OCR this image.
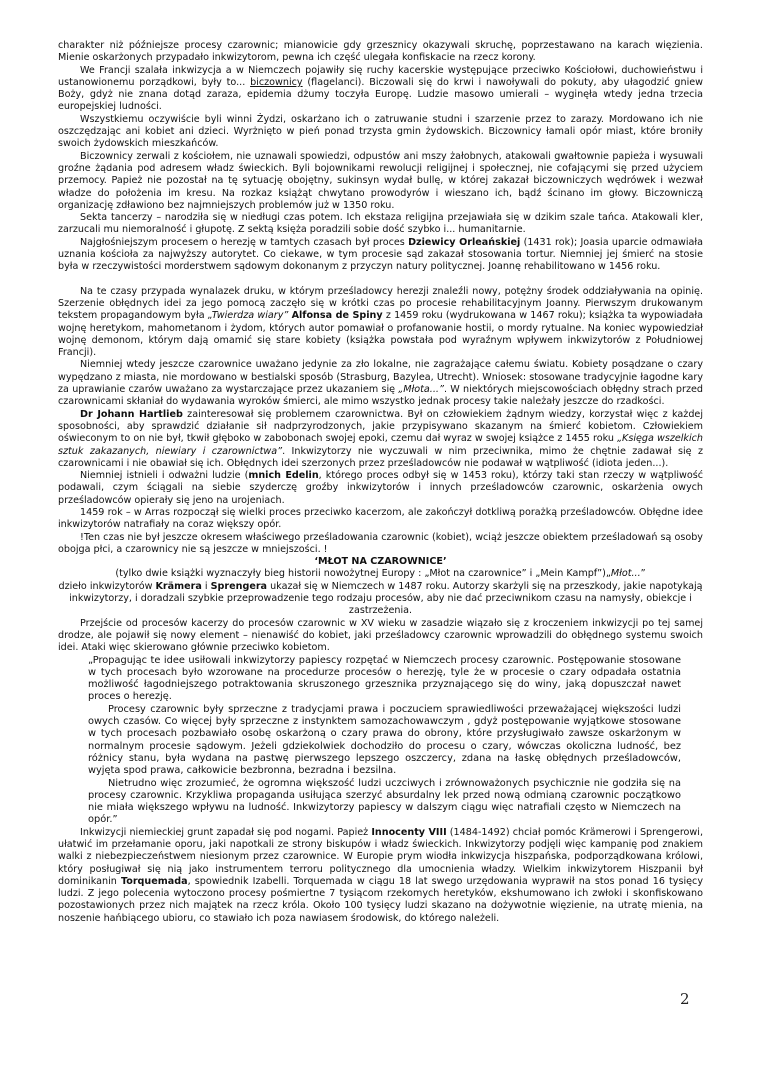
charakter niż późniejsze procesy czarownic; mianowicie gdy grzesznicy okazywali skruchę, poprzestawano na karach więzienia. Mienie oskarżonych przypadało inkwizytorom, pewna ich część ulegała konfiskacie na rzecz korony.

We Francji szalała inkwizycja a w Niemczech pojawiły się ruchy kacerskie występujące przeciwko Kościołowi, duchowieństwu i ustanowionemu porządkowi, były to... biczownicy (flagelanci). Biczowali się do krwi i nawoływali do pokuty, aby ułagodzić gniew Boży, gdyż nie znana dotąd zaraza, epidemia dżumy toczyła Europę. Ludzie masowo umierali – wyginęła wtedy jedna trzecia europejskiej ludności.

Wszystkiemu oczywiście byli winni Żydzi, oskarżano ich o zatruwanie studni i szarzenie przez to zarazy. Mordowano ich nie oszczędzając ani kobiet ani dzieci. Wyrżnięto w pień ponad trzysta gmin żydowskich. Biczownicy łamali opór miast, które broniły swoich żydowskich mieszkańców.

Biczownicy zerwali z kościołem, nie uznawali spowiedzi, odpustów ani mszy żałobnych, atakowali gwałtownie papieża i wysuwali groźne żądania pod adresem władz świeckich. Byli bojownikami rewolucji religijnej i społecznej, nie cofającymi się przed użyciem przemocy. Papież nie pozostał na tę sytuację obojętny, sukinsyn wydał bullę, w której zakazał biczowniczych wędrówek i wezwał władze do położenia im kresu. Na rozkaz książąt chwytano prowodyrów i wieszano ich, bądź ścinano im głowy. Biczowniczą organizację zdławiono bez najmniejszych problemów już w 1350 roku.

Sekta tancerzy – narodziła się w niedługi czas potem. Ich ekstaza religijna przejawiała się w dzikim szale tańca. Atakowali kler, zarzucali mu niemoralność i głupotę. Z sektą księża poradzili sobie dość szybko i... humanitarnie.

Najgłośniejszym procesem o herezję w tamtych czasach był proces Dziewicy Orleańskiej (1431 rok); Joasia uparcie odmawiała uznania kościoła za najwyższy autorytet. Co ciekawe, w tym procesie sąd zakazał stosowania tortur. Niemniej jej śmierć na stosie była w rzeczywistości morderstwem sądowym dokonanym z przyczyn natury politycznej. Joannę rehabilitowano w 1456 roku.

Na te czasy przypada wynalazek druku, w którym prześladowcy herezji znaleźli nowy, potężny środek oddziaływania na opinię. Szerzenie obłędnych idei za jego pomocą zaczęło się w krótki czas po procesie rehabilitacyjnym Joanny. Pierwszym drukowanym tekstem propagandowym była „Twierdza wiary” Alfonsa de Spiny z 1459 roku (wydrukowana w 1467 roku); książka ta wypowiadała wojnę heretykom, mahometanom i żydom, których autor pomawiał o profanowanie hostii, o mordy rytualne. Na koniec wypowiedział wojnę demonom, którym dają omamić się stare kobiety (książka powstała pod wyraźnym wpływem inkwizytorów z Południowej Francji).

Niemniej wtedy jeszcze czarownice uważano jedynie za zło lokalne, nie zagrażające całemu światu. Kobiety posądzane o czary wypędzano z miasta, nie mordowano w bestialski sposób (Strasburg, Bazylea, Utrecht). Wniosek: stosowane tradycyjnie łagodne kary za uprawianie czarów uważano za wystarczające przez ukazaniem się „Młota...”. W niektórych miejscowościach obłędny strach przed czarownicami skłaniał do wydawania wyroków śmierci, ale mimo wszystko jednak procesy takie należały jeszcze do rzadkości.

Dr Johann Hartlieb zainteresował się problemem czarownictwa. Był on człowiekiem żądnym wiedzy, korzystał więc z każdej sposobności, aby sprawdzić działanie sił nadprzyrodzonych, jakie przypisywano skazanym na śmierć kobietom. Człowiekiem oświeconym to on nie był, tkwił głęboko w zabobonach swojej epoki, czemu dał wyraz w swojej książce z 1455 roku „Księga wszelkich sztuk zakazanych, niewiary i czarownictwa”. Inkwizytorzy nie wyczuwali w nim przeciwnika, mimo że chętnie zadawał się z czarownicami i nie obawiał się ich. Obłędnych idei szerzonych przez prześladowców nie podawał w wątpliwość (idiota jeden...).

Niemniej istnieli i odważni ludzie (mnich Edelin, którego proces odbył się w 1453 roku), którzy taki stan rzeczy w wątpliwość podawali, czym ściągali na siebie szyderczę groźby inkwizytorów i innych prześladowców czarownic, oskarżenia owych prześladowców opierały się jeno na urojeniach.

1459 rok – w Arras rozpoczął się wielki proces przeciwko kacerzom, ale zakończył dotkliwą porażką prześladowców. Obłędne idee inkwizytorów natrafiały na coraz większy opór.

!Ten czas nie był jeszcze okresem właściwego prześladowania czarownic (kobiet), wciąż jeszcze obiektem prześladowań są osoby obojga płci, a czarownicy nie są jeszcze w mniejszości. !

‘MŁOT NA CZAROWNICE’

(tylko dwie książki wyznaczyły bieg historii nowożytnej Europy : „Młot na czarownice” i „Mein Kampf”)„Młot...”

dzieło inkwizytorów Krämera i Sprengera ukazał się w Niemczech w 1487 roku. Autorzy skarżyli się na przeszkody, jakie napotykają inkwizytorzy, i doradzali szybkie przeprowadzenie tego rodzaju procesów, aby nie dać przeciwnikom czasu na namysły, obiekcje i zastrzeżenia.

Przejście od procesów kacerzy do procesów czarownic w XV wieku w zasadzie wiązało się z kroczeniem inkwizycji po tej samej drodze, ale pojawił się nowy element – nienawiść do kobiet, jaki prześladowcy czarownic wprowadzili do obłędnego systemu swoich idei. Ataki więc skierowano głównie przeciwko kobietom.

„Propagując te idee usiłowali inkwizytorzy papiescy rozpętać w Niemczech procesy czarownic. Postępowanie stosowane w tych procesach było wzorowane na procedurze procesów o herezję, tyle że w procesie o czary odpadała ostatnia możliwość łagodniejszego potraktowania skruszonego grzesznika przyznającego się do winy, jaką dopuszczał nawet proces o herezję.

Procesy czarownic były sprzeczne z tradycjami prawa i poczuciem sprawiedliwości przeważającej większości ludzi owych czasów. Co więcej były sprzeczne z instynktem samozachowawczym , gdyż postępowanie wyjątkowe stosowane w tych procesach pozbawiało osobę oskarżoną o czary prawa do obrony, które przysługiwało zawsze oskarżonym w normalnym procesie sądowym. Jeżeli gdziekolwiek dochodziło do procesu o czary, wówczas okoliczna ludność, bez różnicy stanu, była wydana na pastwę pierwszego lepszego oszczercy, zdana na łaskę obłędnych prześladowców, wyjęta spod prawa, całkowicie bezbronna, bezradna i bezsilna.

Nietrudno więc zrozumieć, że ogromna większość ludzi uczciwych i zrównoważonych psychicznie nie godziła się na procesy czarownic. Krzykliwa propaganda usiłująca szerzyć absurdalny lek przed nową odmianą czarownic początkowo nie miała większego wpływu na ludność. Inkwizytorzy papiescy w dalszym ciągu więc natrafiali często w Niemczech na opór.”

Inkwizycji niemieckiej grunt zapadał się pod nogami. Papież Innocenty VIII (1484-1492) chciał pomóc Krämerowi i Sprengerowi, ułatwić im przełamanie oporu, jaki napotkali ze strony biskupów i władz świeckich. Inkwizytorzy podjęli więc kampanię pod znakiem walki z niebezpieczeństwem niesionym przez czarownice. W Europie prym wiodła inkwizycja hiszpańska, podporządkowana królowi, który posługiwał się nią jako instrumentem terroru politycznego dla umocnienia władzy. Wielkim inkwizytorem Hiszpanii był dominikanin Torquemada, spowiednik Izabelli. Torquemada w ciągu 18 lat swego urzędowania wyprawił na stos ponad 16 tysięcy ludzi. Z jego polecenia wytoczono procesy pośmiertne 7 tysiącom rzekomych heretyków, ekshumowano ich zwłoki i skonfiskowano pozostawionych przez nich majątek na rzecz króla. Około 100 tysięcy ludzi skazano na dożywotnie więzienie, na utratę mienia, na noszenie hańbiącego ubioru, co stawiało ich poza nawiasem środowisk, do którego należeli.

2
